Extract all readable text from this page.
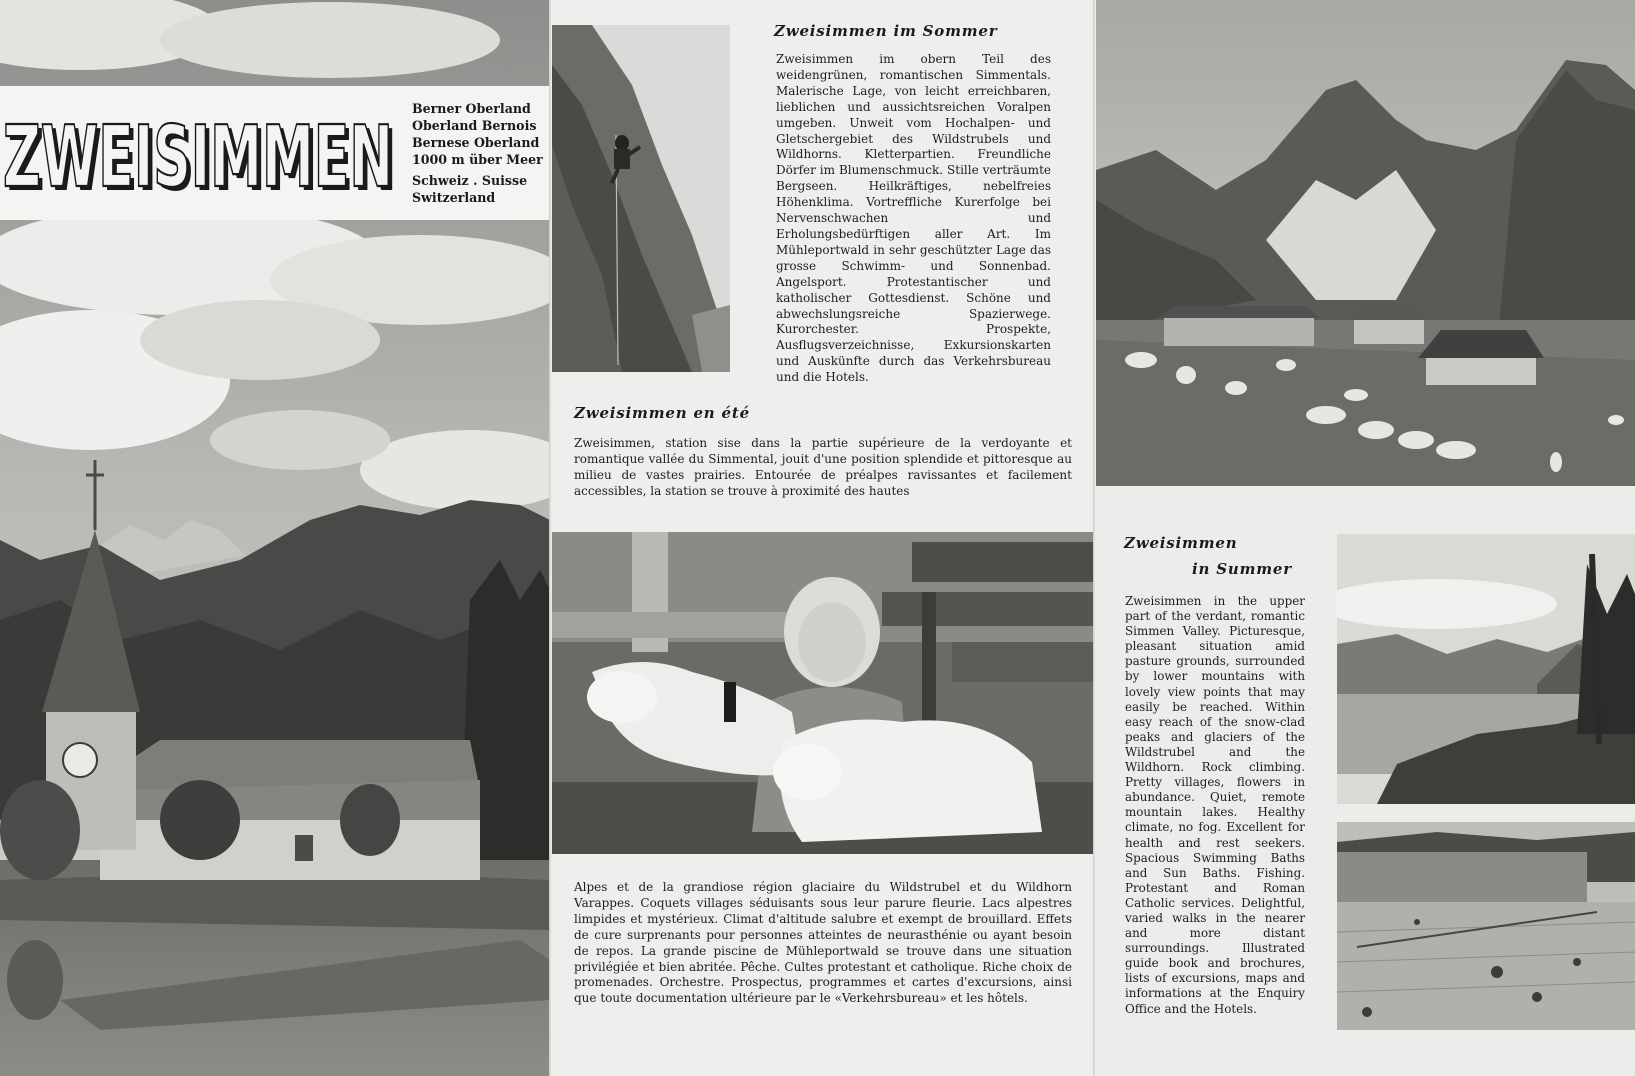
ZWEISIMMEN
ZWEISIMMEN Berner Oberland
Oberland Bernois
Bernese Oberland
1000 m über Meer
Schweiz . Suisse
Switzerland
Zweisimmen im Sommer
Zweisimmen im obern Teil des weidengrünen, romantischen Simmentals. Malerische Lage, von leicht erreichbaren, lieblichen und aussichtsreichen Voralpen umgeben. Unweit vom Hochalpen- und Gletschergebiet des Wildstrubels und Wildhorns. Kletterpartien. Freundliche Dörfer im Blumenschmuck. Stille verträumte Bergseen. Heilkräftiges, nebelfreies Höhenklima. Vortreffliche Kurerfolge bei Nervenschwachen und Erholungsbedürftigen aller Art. Im Mühleportwald in sehr geschützter Lage das grosse Schwimm- und Sonnenbad. Angelsport. Protestantischer und katholischer Gottesdienst. Schöne und abwechslungsreiche Spazierwege. Kurorchester. Prospekte, Ausflugsverzeichnisse, Exkursionskarten und Auskünfte durch das Verkehrsbureau und die Hotels.
Zweisimmen en été
Zweisimmen, station sise dans la partie supérieure de la verdoyante et romantique vallée du Simmental, jouit d'une position splendide et pittoresque au milieu de vastes prairies. Entourée de préalpes ravissantes et facilement accessibles, la station se trouve à proximité des hautes
Alpes et de la grandiose région glaciaire du Wildstrubel et du Wildhorn Varappes. Coquets villages séduisants sous leur parure fleurie. Lacs alpestres limpides et mystérieux. Climat d'altitude salubre et exempt de brouillard. Effets de cure surprenants pour personnes atteintes de neurasthénie ou ayant besoin de repos. La grande piscine de Mühleportwald se trouve dans une situation privilégiée et bien abritée. Pêche. Cultes protestant et catholique. Riche choix de promenades. Orchestre. Prospectus, programmes et cartes d'excursions, ainsi que toute documentation ultérieure par le «Verkehrsbureau» et les hôtels.
Zweisimmen
in Summer
Zweisimmen in the upper part of the verdant, romantic Simmen Valley. Picturesque, pleasant situation amid pasture grounds, surrounded by lower mountains with lovely view points that may easily be reached. Within easy reach of the snow-clad peaks and glaciers of the Wildstrubel and the Wildhorn. Rock climbing. Pretty villages, flowers in abundance. Quiet, remote mountain lakes. Healthy climate, no fog. Excellent for health and rest seekers. Spacious Swimming Baths and Sun Baths. Fishing. Protestant and Roman Catholic services. Delightful, varied walks in the nearer and more distant surroundings. Illustrated guide book and brochures, lists of excursions, maps and informations at the Enquiry Office and the Hotels.
